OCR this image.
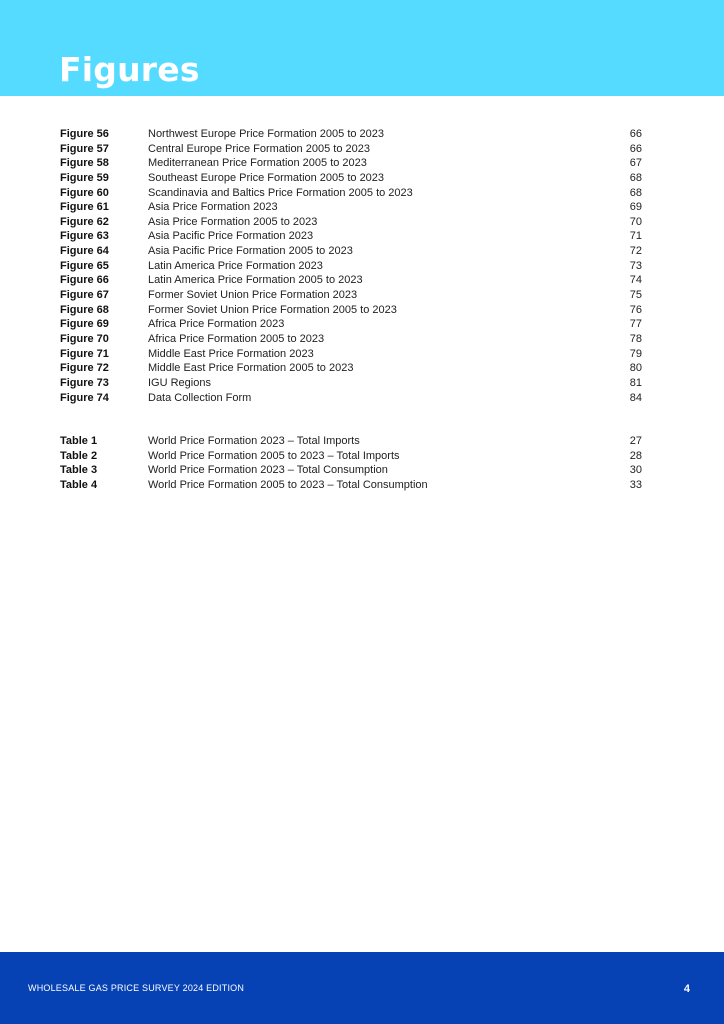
Figures
Figure 56	Northwest Europe Price Formation 2005 to 2023	66
Figure 57	Central Europe Price Formation 2005 to 2023	66
Figure 58	Mediterranean Price Formation 2005 to 2023	67
Figure 59	Southeast Europe Price Formation 2005 to 2023	68
Figure 60	Scandinavia and Baltics Price Formation 2005 to 2023	68
Figure 61	Asia Price Formation 2023	69
Figure 62	Asia Price Formation 2005 to 2023	70
Figure 63	Asia Pacific Price Formation 2023	71
Figure 64	Asia Pacific Price Formation 2005 to 2023	72
Figure 65	Latin America Price Formation 2023	73
Figure 66	Latin America Price Formation 2005 to 2023	74
Figure 67	Former Soviet Union Price Formation 2023	75
Figure 68	Former Soviet Union Price Formation 2005 to 2023	76
Figure 69	Africa Price Formation 2023	77
Figure 70	Africa Price Formation 2005 to 2023	78
Figure 71	Middle East Price Formation 2023	79
Figure 72	Middle East Price Formation 2005 to 2023	80
Figure 73	IGU Regions	81
Figure 74	Data Collection Form	84
Table 1	World Price Formation 2023 – Total Imports	27
Table 2	World Price Formation 2005 to 2023 – Total Imports	28
Table 3	World Price Formation 2023 – Total Consumption	30
Table 4	World Price Formation 2005 to 2023 – Total Consumption	33
WHOLESALE GAS PRICE SURVEY 2024 EDITION	4
